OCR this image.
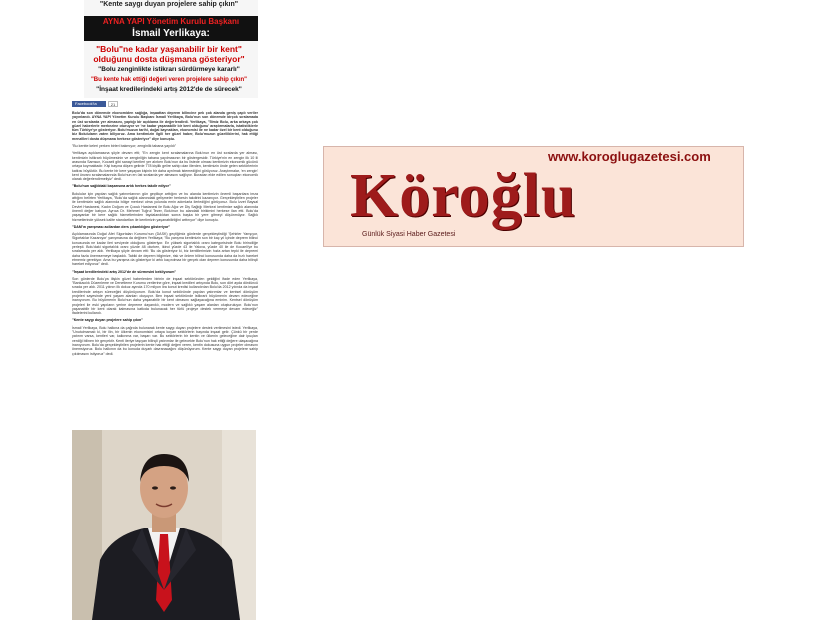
"Kente saygı duyan projelere sahip çıkın"
AYNA YAPI Yönetim Kurulu Başkanı
İsmail Yerlikaya:
"Bolu"ne kadar yaşanabilir bir kent"
olduğunu dosta düşmana gösteriyor"
"Bolu zenginlikte istikrarı sürdürmeye kararlı"
"Bu kente hak ettiği değeri veren projelere sahip çıkın"
"İnşaat kredilerindeki artış 2012'de de sürecek"
Facebook'ta Paylaş
21

Bolu'da son dönemde ekonomiden sağlığa, inşaattan deprem bilincine pek çok alanda geniş çaplı veriler yayınlandı. AYNA YAPI Yönetim Kurulu Başkanı İsmail Yerlikaya, Bolu'nun son dönemde birçok sıralamada en üst sıralarda yer almasını, yaptığı bir açıklama ile değerlendirdi. Yerlikaya, "İlimiz Bolu, arka arkaya çok güzel haberlerle merkezine oturuyor ve 'ne kadar yaşanabilir bir kent olduğunu' araştırmalarla, istatistiklerle tüm Türkiye'ye gösteriyor. Bolu'muzun tarihi, doğal kaynakları, ekonomisi ile ne kadar özel bir kent olduğunu biz Boluluların zaten biliyoruz. Ama kentimizin ilgili her güzel haber, Bolu'muzun güzelliklerini, hak ettiği menzilleri dosta düşmana herkese gösteriyor" diye konuştu.

"Bu kentte keleri yerken birleri bakmıyor; zenginlik tabana yayıldı"

Yerlikaya açıklamasına şöyle devam etti; "En zengin kent sıralamalarına Bolu'nun en üst sıralarda yer alması, kentimizin istikrarlı büyümesinin ve zenginliğin tabana yayılmasının bir göstergesidir. Türkiye'nin en zengin ilk 10 ili arasında Samsun, Kocaeli gibi sanayi kentleri yer alırken Bolu'nun da bu listede olması kentimizin ekonomik gücünü ortaya koymaktadır. Kişi başına düşen gelirde 778 kişilik gelire sahip olan illerden, kentimizin önde gelen sektörlerinin katkısı büyüktür. Bu kente bir kere yaşayan kişinin bir daha ayrılmak istemediğini görüyoruz. Araştırmalar, 'en zengin' kent ünvanı sıralamalarında Bolu'nun en üst sıralarda yer almasını sağlıyor. Buradan elde edilen sonuçları ekonomik olarak değerlendirmeliyiz" dedi.

"Bolu'nun sağlıktaki başarısına artık herkes takdir ediyor"

Bolulular için yapılan sağlık yatırımlarının gün geçtikçe arttığını ve bu alanda kentimizin önemli başarılara imza attığını belirten Yerlikaya, "Bolu'da sağlık alanındaki gelişmeler herkesin takdirini kazanıyor. Gerçekleştirilen projeler ile kentimizin sağlık alanında bölge merkezi olma yolunda emin adımlarla ilerlediğini görüyoruz. Bolu İzzet Baysal Devlet Hastanesi, Kadın Doğum ve Çocuk Hastanesi ile Bolu Ağız ve Diş Sağlığı Merkezi kentimize sağlık alanında önemli değer katıyor. Ayrıca Dr. Mehmet Tuğrul Tezer, Bolu'nun bu alandaki birikimini herkese ilan etti. Bolu'da yaşayanlar bir kere sağlık hizmetlerinden faydalandıktan sonra başka bir yere gitmeyi düşünmüyor. Sağlık hizmetlerinde yüksek kalite standartları ile kentimizin yaşanabilirliğini arttırıyor" diye konuştu.

"DAM'ın yarışması acilardan ders çıkarıldığını gösteriyor"

Açıklamasında Doğal Afet Sigortaları Kurumu'nun (DASK) geçtiğimiz günlerde gerçekleştirdiği 'Şehirler Yarışıyor, Sigortalılar Kazanıyor' yarışmasına da değinen Yerlikaya; "Bu yarışma kentimizin son bir kaç yıl içinde deprem bilinci konusunda ne kadar ileri seviyede olduğunu gösteriyor. En yüksek sigortalılık oranı kategorisinde Bolu birinciliğe yerleşti. Bolu'daki sigortalılık oranı yüzde 48 olurken, ikinci yüzde 43 ile Yalova, yüzde 40 ile de Kocaeli'ye bu sıralamada yer aldı. Yerlikaya şöyle devam etti: 'Bu da gösteriyor ki, biz kentlilerimizin hızla artan tepki ile depremi daha fazla önemsemeye başladık. Tabiki de deprem bilgimize, risk ve önlem bilinci konusunda daha da hızlı hareket etmemiz gerekiyor. Ama bu yarışma da gösteriyor ki artık kaçınılmaz bir gerçek olan deprem konusunda daha bilinçli hareket ediyoruz" dedi.

"İnşaat kredilerindeki artış 2012'de de sürmesini bekliyorum"

Son günlerde Bolu'ya ilişkin güzel haberlerden birinin de inşaat sektöründen geldiğini ifade eden Yerlikaya, "Bankacılık Düzenleme ve Denetleme Kurumu verilerine göre, inşaat kredileri artışında Bolu, son dört ayda dördüncü sırada yer aldı. 2011 yılının ilk dokuz ayında 170 milyon lira konut kredisi kullandırılan Bolu'da 2012 yılında da inşaat kredilerinde artışın süreceğini düşünüyorum. Bolu'da konut sektöründe yapılan yatırımlar ve kentsel dönüşüm projeleri sayesinde yeni yaşam alanları oluşuyor. Ben inşaat sektöründe istikrarlı büyümenin devam edeceğine inanıyorum. Bu büyümenin Bolu'nun daha yaşanabilir bir kent olmasını sağlayacağına eminim. Kentsel dönüşüm projeleri ile eski yapıların yerine depreme dayanıklı, modern ve sağlıklı yaşam alanları oluşturuluyor. Bolu'nun yaşanabilir bir kent olarak kalmasına katkıda bulunacak her türlü projeye destek vermeye devam edeceğiz" ifadelerini kullandı.

"Kente saygı duyan projelere sahip çıkın"

İsmail Yerlikaya, Bolu halkına da çağrıda bulunarak kente saygı duyan projelere destek verilmesini istedi. Yerlikaya, "Unutulmamalı ki, bir ilin, bir ülkenin ekonomisini ortaya koyan sektörlerin başında inşaat gelir. Çünkü bir yerde yatırım varsa, kentleri var, kalkınma var, başarı var. Bu sektörlerin bir kentin ve ülkenin geleceğine dair ipuçları verdiği bilinen bir gerçektir. Kenti ileriye taşıyan bilinçli yatırımlar ile gelecekte Bolu'nun hak ettiği değere ulaşacağına inanıyorum. Bolu'da gerçekleştirilen projelerin kente hak ettiği değeri veren, kentin dokusuna uygun projeler olmasını önemsiyoruz. Bolu halkının da bu konuda duyarlı davranacağını düşünüyorum. Kente saygı duyan projelere sahip çıkılmasını istiyoruz" dedi.

www.koroglugazetesi.com
Köroğlu
Günlük Siyasi Haber Gazetesi
